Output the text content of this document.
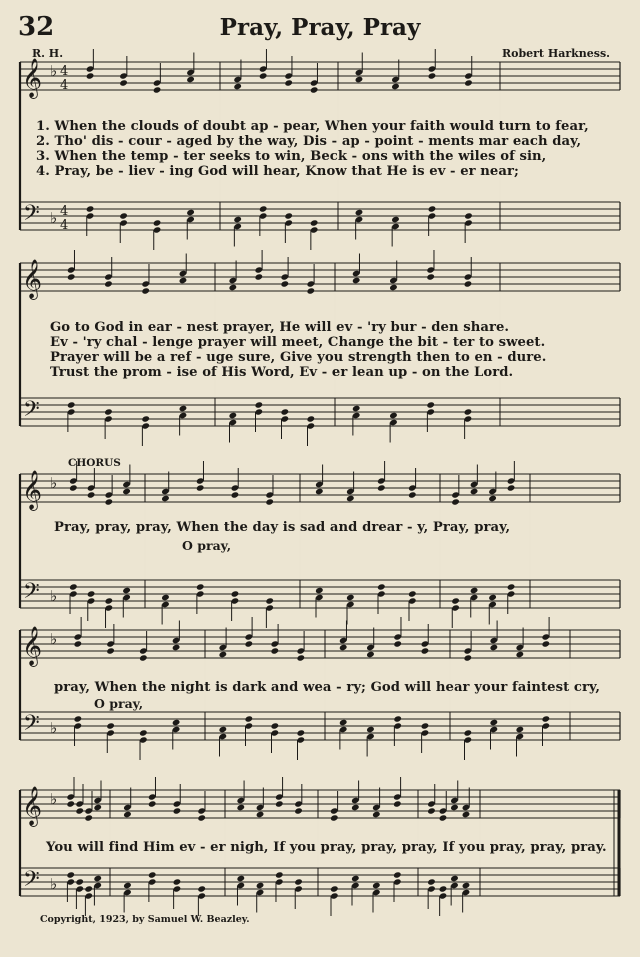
32	Pray, Pray, Pray
R. H.	Robert Harkness.
𝄞 ♭ 4
4
𝄢 ♭ 4
4
𝄞
𝄢
𝄞 ♭
𝄢 ♭
𝄞 ♭
𝄢 ♭
𝄞 ♭
𝄢 ♭
1. When the clouds of doubt ap - pear, When your faith would turn to fear,
2. Tho' dis - cour - aged by the way, Dis - ap - point - ments mar each day,
3. When the temp - ter seeks to win, Beck - ons with the wiles of sin,
4. Pray, be - liev - ing God will hear, Know that He is ev - er near;
Go to God in ear - nest prayer, He will ev - 'ry bur - den share.
Ev - 'ry chal - lenge prayer will meet, Change the bit - ter to sweet.
Prayer will be a ref - uge sure, Give you strength then to en - dure.
Trust the prom - ise of His Word, Ev - er lean up - on the Lord.
CHORUS
Pray, pray, pray, When the day is sad and drear - y, Pray, pray,
O pray,
pray, When the night is dark and wea - ry; God will hear your faintest cry,
O pray,
You will find Him ev - er nigh, If you pray, pray, pray, If you pray, pray, pray.
Copyright, 1923, by Samuel W. Beazley.
